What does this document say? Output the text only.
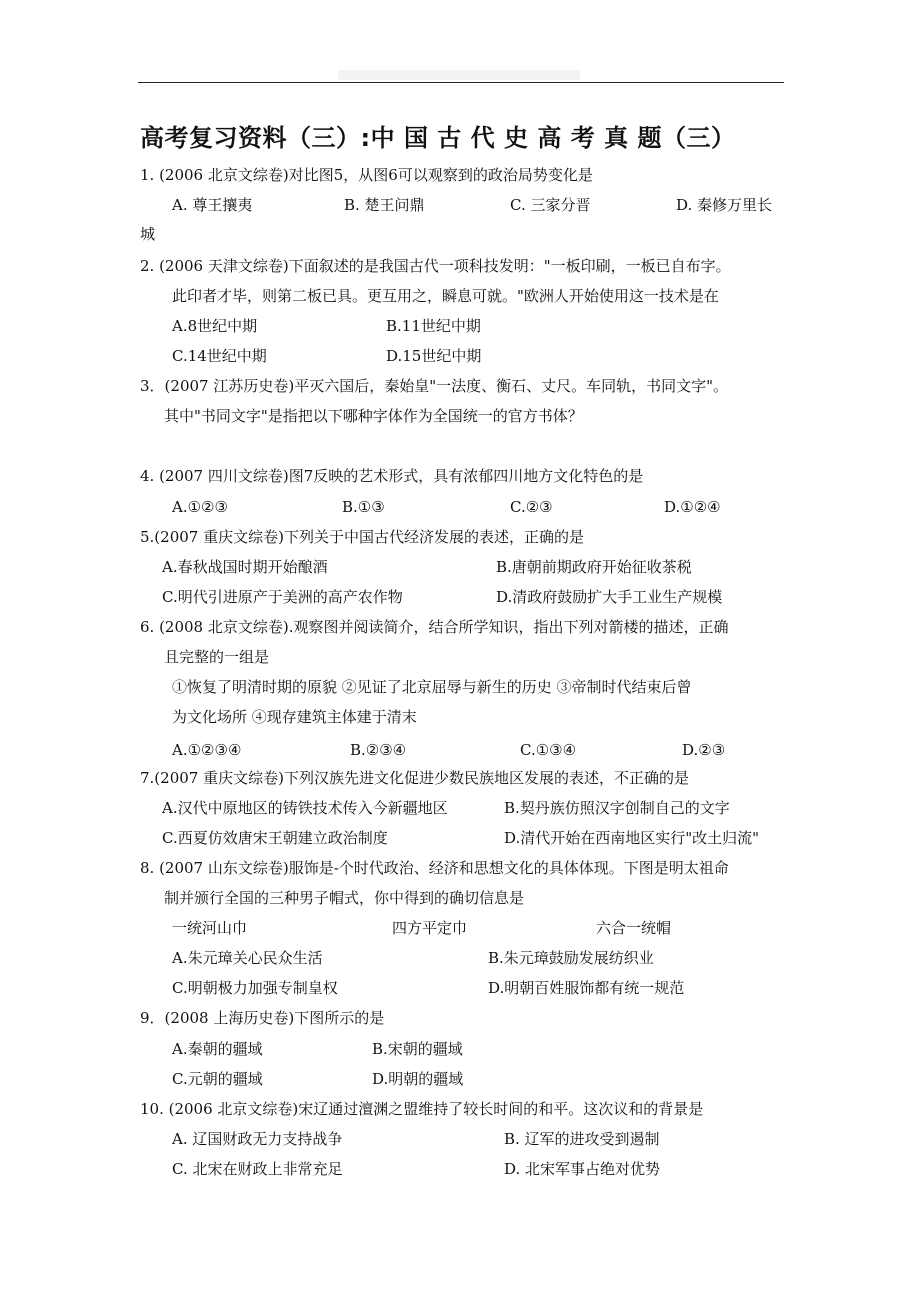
高考复习资料（三）:中 国 古 代 史 高 考 真 题（三）
1. (2006 北京文综卷)对比图5，从图6可以观察到的政治局势变化是
A. 尊王攘夷	B. 楚王问鼎	C. 三家分晋	D. 秦修万里长
城
2. (2006 天津文综卷)下面叙述的是我国古代一项科技发明："一板印刷，一板已自布字。
此印者才毕，则第二板已具。更互用之，瞬息可就。"欧洲人开始使用这一技术是在
A.8世纪中期	B.11世纪中期
C.14世纪中期	D.15世纪中期
3．(2007 江苏历史卷)平灭六国后，秦始皇"一法度、衡石、丈尺。车同轨，书同文字"。
其中"书同文字"是指把以下哪种字体作为全国统一的官方书体？
4. (2007 四川文综卷)图7反映的艺术形式，具有浓郁四川地方文化特色的是
A.①②③	B.①③	C.②③	D.①②④
5.(2007 重庆文综卷)下列关于中国古代经济发展的表述，正确的是
A.春秋战国时期开始酿酒	B.唐朝前期政府开始征收茶税
C.明代引进原产于美洲的高产农作物	D.清政府鼓励扩大手工业生产规模
6. (2008 北京文综卷).观察图并阅读简介，结合所学知识，指出下列对箭楼的描述，正确
且完整的一组是
①恢复了明清时期的原貌 ②见证了北京屈辱与新生的历史 ③帝制时代结束后曾
为文化场所 ④现存建筑主体建于清末
A.①②③④	B.②③④	C.①③④	D.②③
7.(2007 重庆文综卷)下列汉族先进文化促进少数民族地区发展的表述，不正确的是
A.汉代中原地区的铸铁技术传入今新疆地区	B.契丹族仿照汉字创制自己的文字
C.西夏仿效唐宋王朝建立政治制度	D.清代开始在西南地区实行"改土归流"
8. (2007 山东文综卷)服饰是-个时代政治、经济和思想文化的具体体现。下图是明太祖命
制并颁行全国的三种男子帽式，你中得到的确切信息是
一统河山巾	四方平定巾	六合一统帽
A.朱元璋关心民众生活	B.朱元璋鼓励发展纺织业
C.明朝极力加强专制皇权	D.明朝百姓服饰都有统一规范
9．(2008 上海历史卷)下图所示的是
A.秦朝的疆域	B.宋朝的疆域
C.元朝的疆域	D.明朝的疆域
10. (2006 北京文综卷)宋辽通过澶渊之盟维持了较长时间的和平。这次议和的背景是
A. 辽国财政无力支持战争	B. 辽军的进攻受到遏制
C. 北宋在财政上非常充足	D. 北宋军事占绝对优势
